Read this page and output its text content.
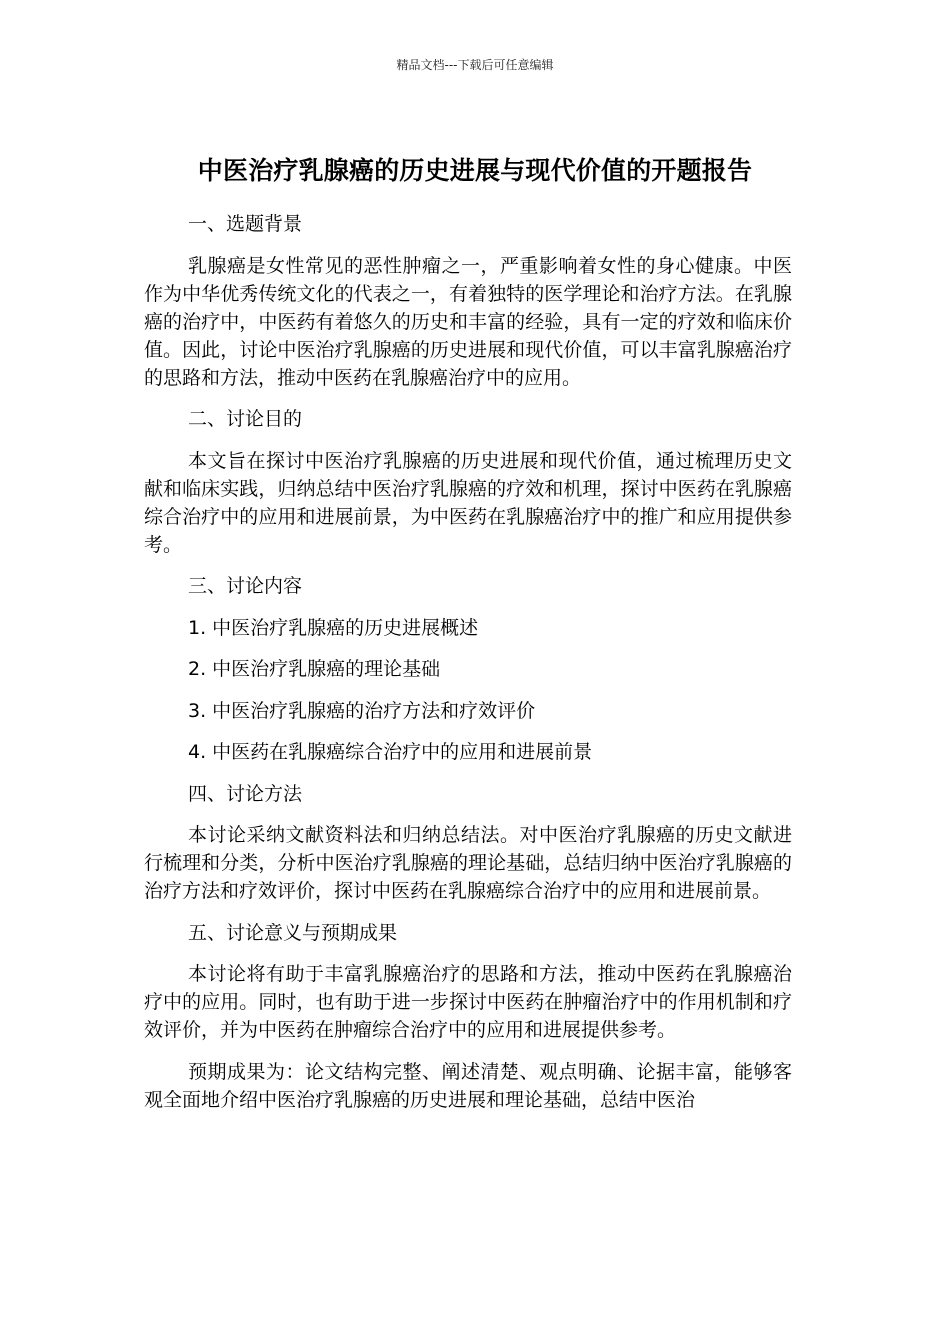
精品文档---下载后可任意编辑
中医治疗乳腺癌的历史进展与现代价值的开题报告

一、选题背景

乳腺癌是女性常见的恶性肿瘤之一，严重影响着女性的身心健康。中医作为中华优秀传统文化的代表之一，有着独特的医学理论和治疗方法。在乳腺癌的治疗中，中医药有着悠久的历史和丰富的经验，具有一定的疗效和临床价值。因此，讨论中医治疗乳腺癌的历史进展和现代价值，可以丰富乳腺癌治疗的思路和方法，推动中医药在乳腺癌治疗中的应用。

二、讨论目的

本文旨在探讨中医治疗乳腺癌的历史进展和现代价值，通过梳理历史文献和临床实践，归纳总结中医治疗乳腺癌的疗效和机理，探讨中医药在乳腺癌综合治疗中的应用和进展前景，为中医药在乳腺癌治疗中的推广和应用提供参考。

三、讨论内容

1. 中医治疗乳腺癌的历史进展概述

2. 中医治疗乳腺癌的理论基础

3. 中医治疗乳腺癌的治疗方法和疗效评价

4. 中医药在乳腺癌综合治疗中的应用和进展前景

四、讨论方法

本讨论采纳文献资料法和归纳总结法。对中医治疗乳腺癌的历史文献进行梳理和分类，分析中医治疗乳腺癌的理论基础，总结归纳中医治疗乳腺癌的治疗方法和疗效评价，探讨中医药在乳腺癌综合治疗中的应用和进展前景。

五、讨论意义与预期成果

本讨论将有助于丰富乳腺癌治疗的思路和方法，推动中医药在乳腺癌治疗中的应用。同时，也有助于进一步探讨中医药在肿瘤治疗中的作用机制和疗效评价，并为中医药在肿瘤综合治疗中的应用和进展提供参考。

预期成果为：论文结构完整、阐述清楚、观点明确、论据丰富，能够客观全面地介绍中医治疗乳腺癌的历史进展和理论基础，总结中医治
